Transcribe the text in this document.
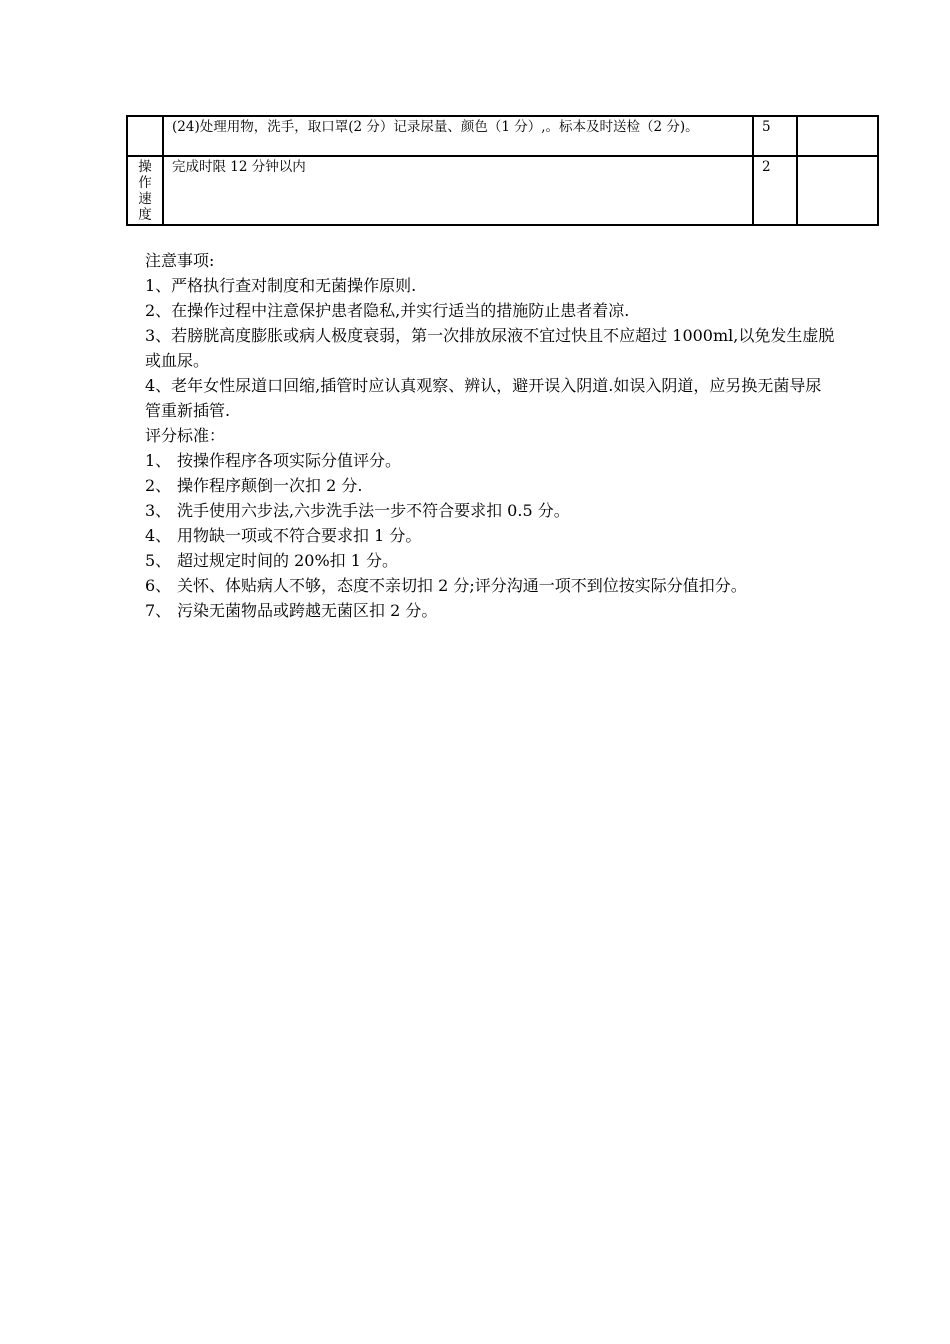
	(24)处理用物，洗手，取口罩(2 分）记录尿量、颜色（1 分）,。标本及时送检（2 分)。	5	

操
作
速
度	完成时限 12 分钟以内	2	

注意事项:

1、严格执行查对制度和无菌操作原则.

2、在操作过程中注意保护患者隐私,并实行适当的措施防止患者着凉.

3、若膀胱高度膨胀或病人极度衰弱，第一次排放尿液不宜过快且不应超过 1000ml,以免发生虚脱或血尿。

4、老年女性尿道口回缩,插管时应认真观察、辨认，避开误入阴道.如误入阴道，应另换无菌导尿管重新插管.

评分标准：

1、 按操作程序各项实际分值评分。

2、 操作程序颠倒一次扣 2 分.

3、 洗手使用六步法,六步洗手法一步不符合要求扣 0.5 分。

4、 用物缺一项或不符合要求扣 1 分。

5、 超过规定时间的 20%扣 1 分。

6、 关怀、体贴病人不够，态度不亲切扣 2 分;评分沟通一项不到位按实际分值扣分。

7、 污染无菌物品或跨越无菌区扣 2 分。
